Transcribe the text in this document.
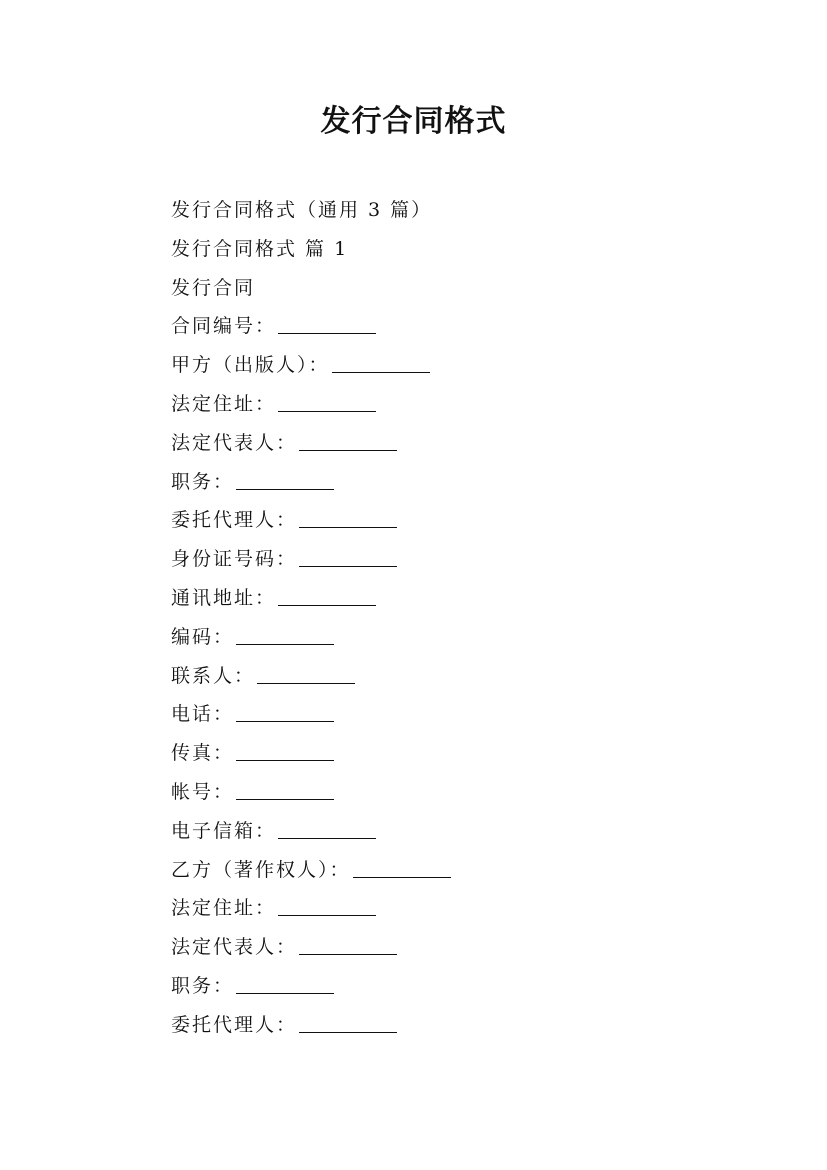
发行合同格式
发行合同格式（通用 3 篇）
发行合同格式 篇 1
发行合同
合同编号：
甲方（出版人）：
法定住址：
法定代表人：
职务：
委托代理人：
身份证号码：
通讯地址：
编码：
联系人：
电话：
传真：
帐号：
电子信箱：
乙方（著作权人）：
法定住址：
法定代表人：
职务：
委托代理人：
